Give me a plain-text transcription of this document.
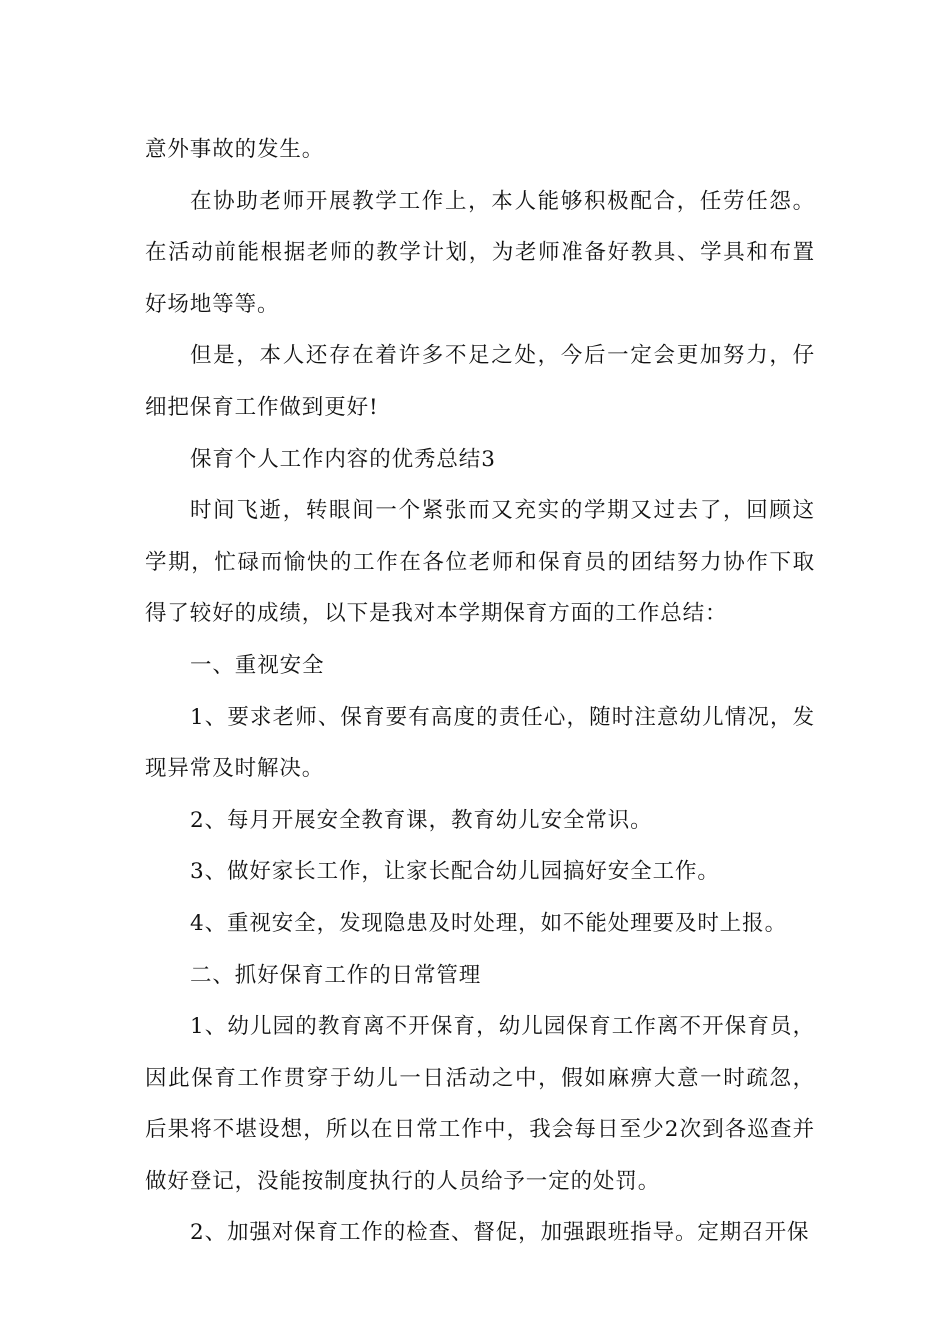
意外事故的发生。

在协助老师开展教学工作上，本人能够积极配合，任劳任怨。在活动前能根据老师的教学计划，为老师准备好教具、学具和布置好场地等等。

但是，本人还存在着许多不足之处，今后一定会更加努力，仔细把保育工作做到更好!

保育个人工作内容的优秀总结3

时间飞逝，转眼间一个紧张而又充实的学期又过去了，回顾这学期，忙碌而愉快的工作在各位老师和保育员的团结努力协作下取得了较好的成绩，以下是我对本学期保育方面的工作总结：

一、重视安全

1、要求老师、保育要有高度的责任心，随时注意幼儿情况，发现异常及时解决。

2、每月开展安全教育课，教育幼儿安全常识。

3、做好家长工作，让家长配合幼儿园搞好安全工作。

4、重视安全，发现隐患及时处理，如不能处理要及时上报。

二、抓好保育工作的日常管理

1、幼儿园的教育离不开保育，幼儿园保育工作离不开保育员，因此保育工作贯穿于幼儿一日活动之中，假如麻痹大意一时疏忽，后果将不堪设想，所以在日常工作中，我会每日至少2次到各巡查并做好登记，没能按制度执行的人员给予一定的处罚。

2、加强对保育工作的检查、督促，加强跟班指导。定期召开保
